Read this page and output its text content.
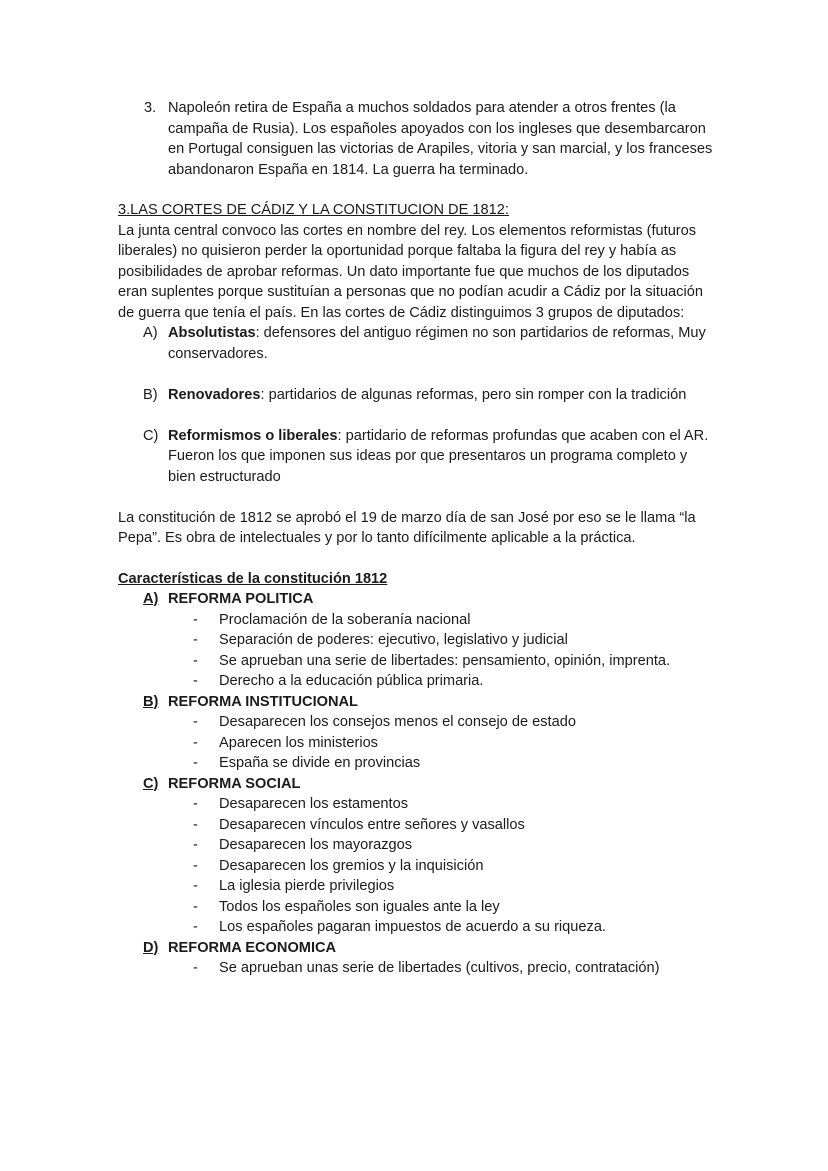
3. Napoleón retira de España a muchos soldados para atender a otros frentes (la campaña de Rusia). Los españoles apoyados con los ingleses que desembarcaron en Portugal consiguen las victorias de Arapiles, vitoria y san marcial, y los franceses abandonaron España en 1814. La guerra ha terminado.
3.LAS CORTES DE CÁDIZ Y LA CONSTITUCION DE 1812:
La junta central convoco las cortes en nombre del rey. Los elementos reformistas (futuros liberales) no quisieron perder la oportunidad porque faltaba la figura del rey y había as posibilidades de aprobar reformas. Un dato importante fue que muchos de los diputados eran suplentes porque sustituían a personas que no podían acudir a Cádiz por la situación de guerra que tenía el país. En las cortes de Cádiz distinguimos 3 grupos de diputados:
A) Absolutistas: defensores del antiguo régimen no son partidarios de reformas, Muy conservadores.
B) Renovadores: partidarios de algunas reformas, pero sin romper con la tradición
C) Reformismos o liberales: partidario de reformas profundas que acaben con el AR. Fueron los que imponen sus ideas por que presentaros un programa completo y bien estructurado
La constitución de 1812 se aprobó el 19 de marzo día de san José por eso se le llama “la Pepa”. Es obra de intelectuales y por lo tanto difícilmente aplicable a la práctica.
Características de la constitución 1812
A) REFORMA POLITICA
-	Proclamación de la soberanía nacional
-	Separación de poderes: ejecutivo, legislativo y judicial
-	Se aprueban una serie de libertades: pensamiento, opinión, imprenta.
-	Derecho a la educación pública primaria.
B) REFORMA INSTITUCIONAL
-	Desaparecen los consejos menos el consejo de estado
-	Aparecen los ministerios
-	España se divide en provincias
C) REFORMA SOCIAL
-	Desaparecen los estamentos
-	Desaparecen vínculos entre señores y vasallos
-	Desaparecen los mayorazgos
-	Desaparecen los gremios y la inquisición
-	La iglesia pierde privilegios
-	Todos los españoles son iguales ante la ley
-	Los españoles pagaran impuestos de acuerdo a su riqueza.
D) REFORMA ECONOMICA
-	Se aprueban unas serie de libertades (cultivos, precio, contratación)
